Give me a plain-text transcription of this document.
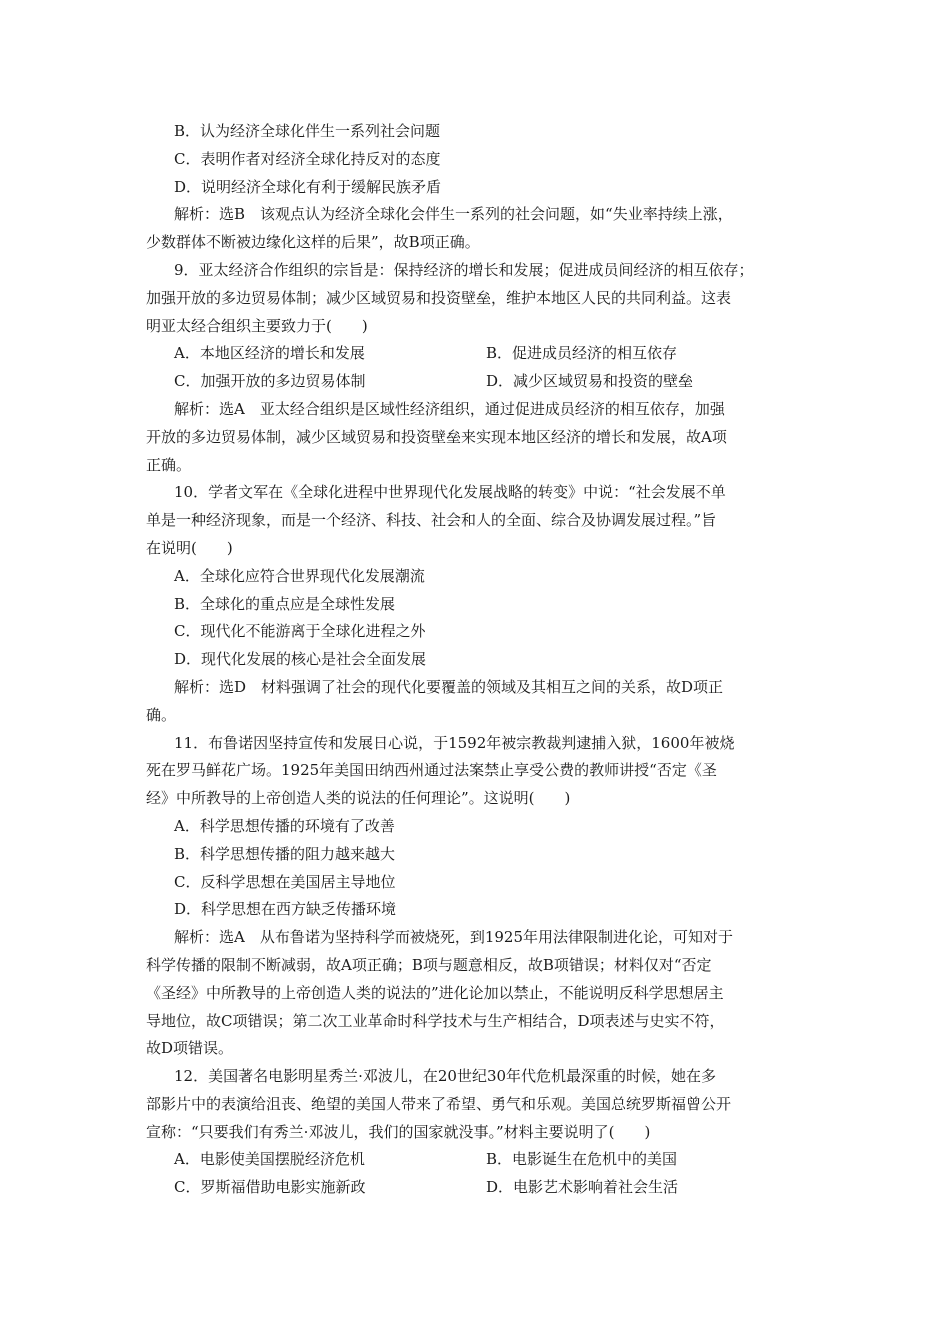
B．认为经济全球化伴生一系列社会问题
C．表明作者对经济全球化持反对的态度
D．说明经济全球化有利于缓解民族矛盾
解析：选B　该观点认为经济全球化会伴生一系列的社会问题，如“失业率持续上涨，
少数群体不断被边缘化这样的后果”，故B项正确。
9．亚太经济合作组织的宗旨是：保持经济的增长和发展；促进成员间经济的相互依存；
加强开放的多边贸易体制；减少区域贸易和投资壁垒，维护本地区人民的共同利益。这表
明亚太经合组织主要致力于(　　)
A．本地区经济的增长和发展	B．促进成员经济的相互依存
C．加强开放的多边贸易体制	D．减少区域贸易和投资的壁垒
解析：选A　亚太经合组织是区域性经济组织，通过促进成员经济的相互依存，加强
开放的多边贸易体制，减少区域贸易和投资壁垒来实现本地区经济的增长和发展，故A项
正确。
10．学者文军在《全球化进程中世界现代化发展战略的转变》中说：“社会发展不单
单是一种经济现象，而是一个经济、科技、社会和人的全面、综合及协调发展过程。”旨
在说明(　　)
A．全球化应符合世界现代化发展潮流
B．全球化的重点应是全球性发展
C．现代化不能游离于全球化进程之外
D．现代化发展的核心是社会全面发展
解析：选D　材料强调了社会的现代化要覆盖的领域及其相互之间的关系，故D项正
确。
11．布鲁诺因坚持宣传和发展日心说，于1592年被宗教裁判逮捕入狱，1600年被烧
死在罗马鲜花广场。1925年美国田纳西州通过法案禁止享受公费的教师讲授“否定《圣
经》中所教导的上帝创造人类的说法的任何理论”。这说明(　　)
A．科学思想传播的环境有了改善
B．科学思想传播的阻力越来越大
C．反科学思想在美国居主导地位
D．科学思想在西方缺乏传播环境
解析：选A　从布鲁诺为坚持科学而被烧死，到1925年用法律限制进化论，可知对于
科学传播的限制不断减弱，故A项正确；B项与题意相反，故B项错误；材料仅对“否定
《圣经》中所教导的上帝创造人类的说法的”进化论加以禁止，不能说明反科学思想居主
导地位，故C项错误；第二次工业革命时科学技术与生产相结合，D项表述与史实不符，
故D项错误。
12．美国著名电影明星秀兰·邓波儿，在20世纪30年代危机最深重的时候，她在多
部影片中的表演给沮丧、绝望的美国人带来了希望、勇气和乐观。美国总统罗斯福曾公开
宣称：“只要我们有秀兰·邓波儿，我们的国家就没事。”材料主要说明了(　　)
A．电影使美国摆脱经济危机	B．电影诞生在危机中的美国
C．罗斯福借助电影实施新政	D．电影艺术影响着社会生活
